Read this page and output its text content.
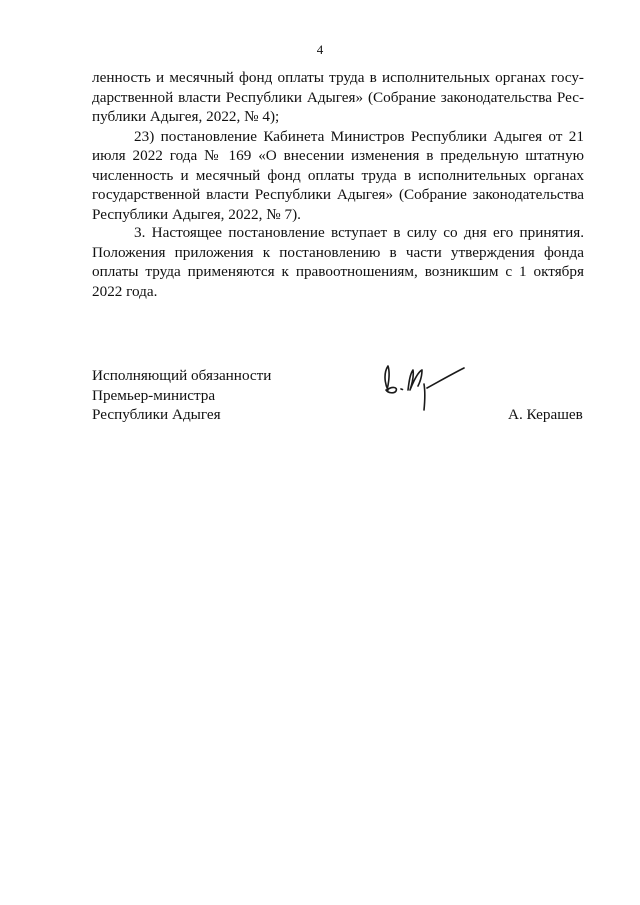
4
ленность и месячный фонд оплаты труда в исполнительных органах госу-
дарственной власти Республики Адыгея» (Собрание законодательства Рес-
публики Адыгея, 2022, № 4);
23) постановление Кабинета Министров Республики Адыгея от 21
июля 2022 года № 169 «О внесении изменения в предельную штатную
численность и месячный фонд оплаты труда в исполнительных органах
государственной власти Республики Адыгея» (Собрание законодательства
Республики Адыгея, 2022, № 7).
3. Настоящее постановление вступает в силу со дня его принятия.
Положения приложения к постановлению в части утверждения фонда
оплаты труда применяются к правоотношениям, возникшим с 1 октября
2022 года.
Исполняющий обязанности
Премьер-министра
Республики Адыгея	А. Керашев
